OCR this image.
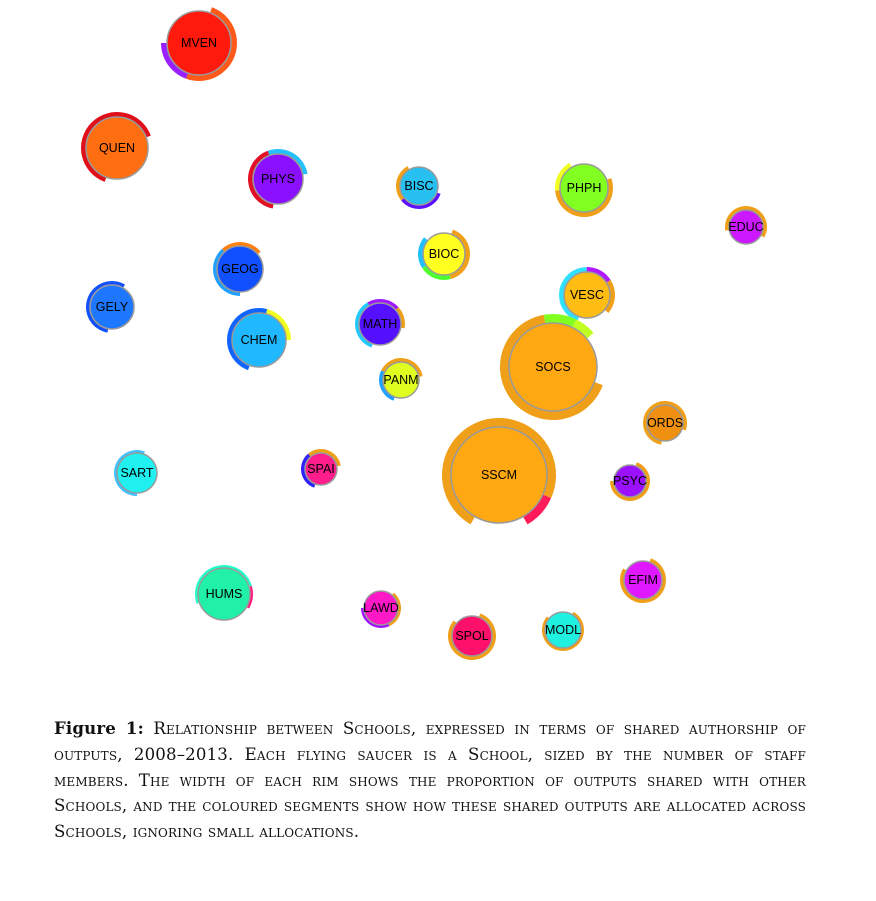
MVEN
QUEN
PHYS	BISC	PHPH
EDUC
GEOG
BIOC
VESC
GELY
CHEM
MATH
SOCS
PANM
ORDS
SART	SPAI	SSCM	PSYC
HUMS
EFIM
LAWD
SPOL	MODL
Figure 1: Relationship between Schools, expressed in terms of shared authorship of outputs, 2008–2013. Each flying saucer is a School, sized by the number of staff members. The width of each rim shows the proportion of outputs shared with other Schools, and the coloured segments show how these shared outputs are allocated across Schools, ignoring small allocations.
